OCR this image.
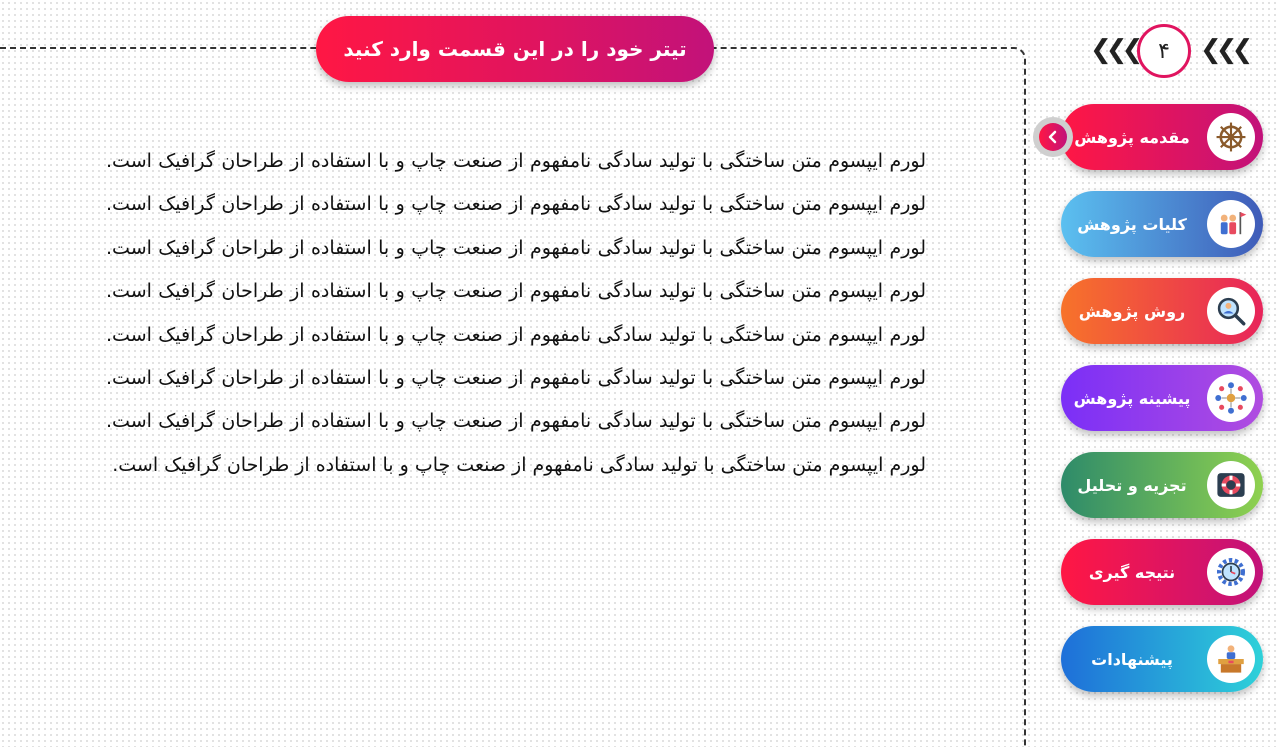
تیتر خود را در این قسمت وارد کنید
لورم ایپسوم متن ساختگی با تولید سادگی نامفهوم از صنعت چاپ و با استفاده از طراحان گرافیک است. لورم ایپسوم متن ساختگی با تولید سادگی نامفهوم از صنعت چاپ و با استفاده از طراحان گرافیک است. لورم ایپسوم متن ساختگی با تولید سادگی نامفهوم از صنعت چاپ و با استفاده از طراحان گرافیک است. لورم ایپسوم متن ساختگی با تولید سادگی نامفهوم از صنعت چاپ و با استفاده از طراحان گرافیک است. لورم ایپسوم متن ساختگی با تولید سادگی نامفهوم از صنعت چاپ و با استفاده از طراحان گرافیک است. لورم ایپسوم متن ساختگی با تولید سادگی نامفهوم از صنعت چاپ و با استفاده از طراحان گرافیک است. لورم ایپسوم متن ساختگی با تولید سادگی نامفهوم از صنعت چاپ و با استفاده از طراحان گرافیک است. لورم ایپسوم متن ساختگی با تولید سادگی نامفهوم از صنعت چاپ و با استفاده از طراحان گرافیک است.
❮❮❮ ۴ ❮❮❮
مقدمه پژوهش
کلیات پژوهش
روش پژوهش
پیشینه پژوهش
تجزیه و تحلیل
نتیجه گیری
پیشنهادات
